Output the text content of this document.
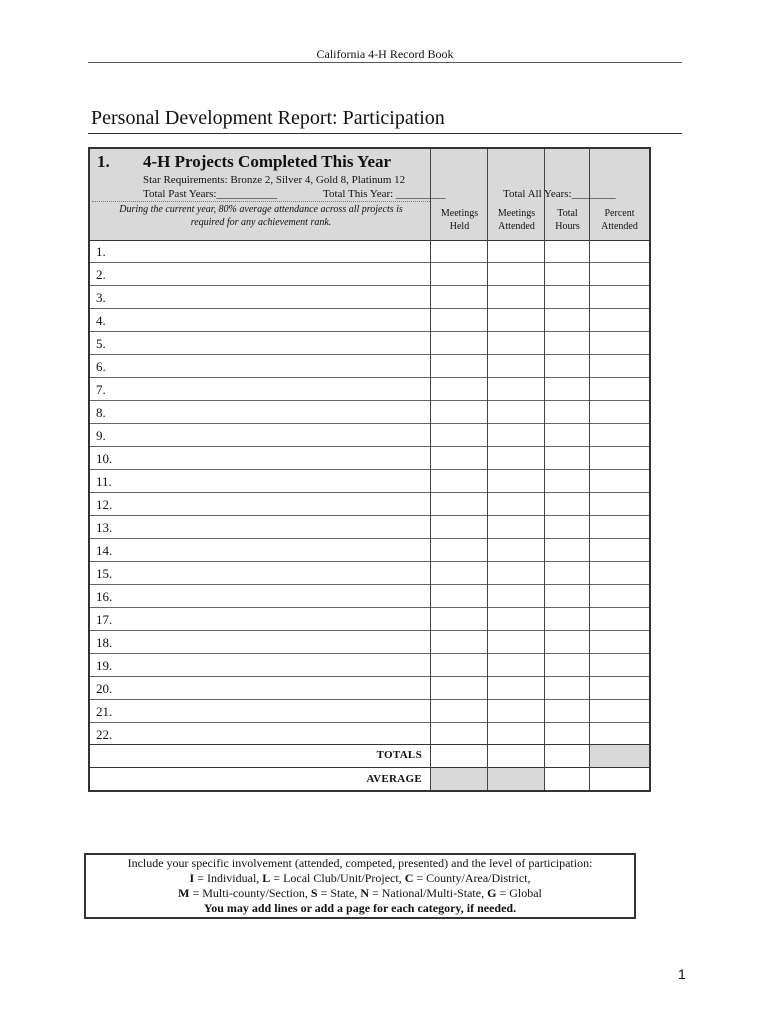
California 4-H Record Book
Personal Development Report: Participation
1. 4-H Projects Completed This Year
Star Requirements: Bronze 2, Silver 4, Gold 8, Platinum 12
Total Past Years:___________	Total This Year: _________	Total All Years:________
During the current year, 80% average attendance across all projects is
required for any achievement rank.
Meetings
Held
Meetings
Attended
Total
Hours
Percent
Attended
1.
2.
3.
4.
5.
6.
7.
8.
9.
10.
11.
12.
13.
14.
15.
16.
17.
18.
19.
20.
21.
22.
TOTALS
AVERAGE
Include your specific involvement (attended, competed, presented) and the level of participation:
I = Individual, L = Local Club/Unit/Project, C = County/Area/District,
M = Multi-county/Section, S = State, N = National/Multi-State, G = Global
You may add lines or add a page for each category, if needed.
1
